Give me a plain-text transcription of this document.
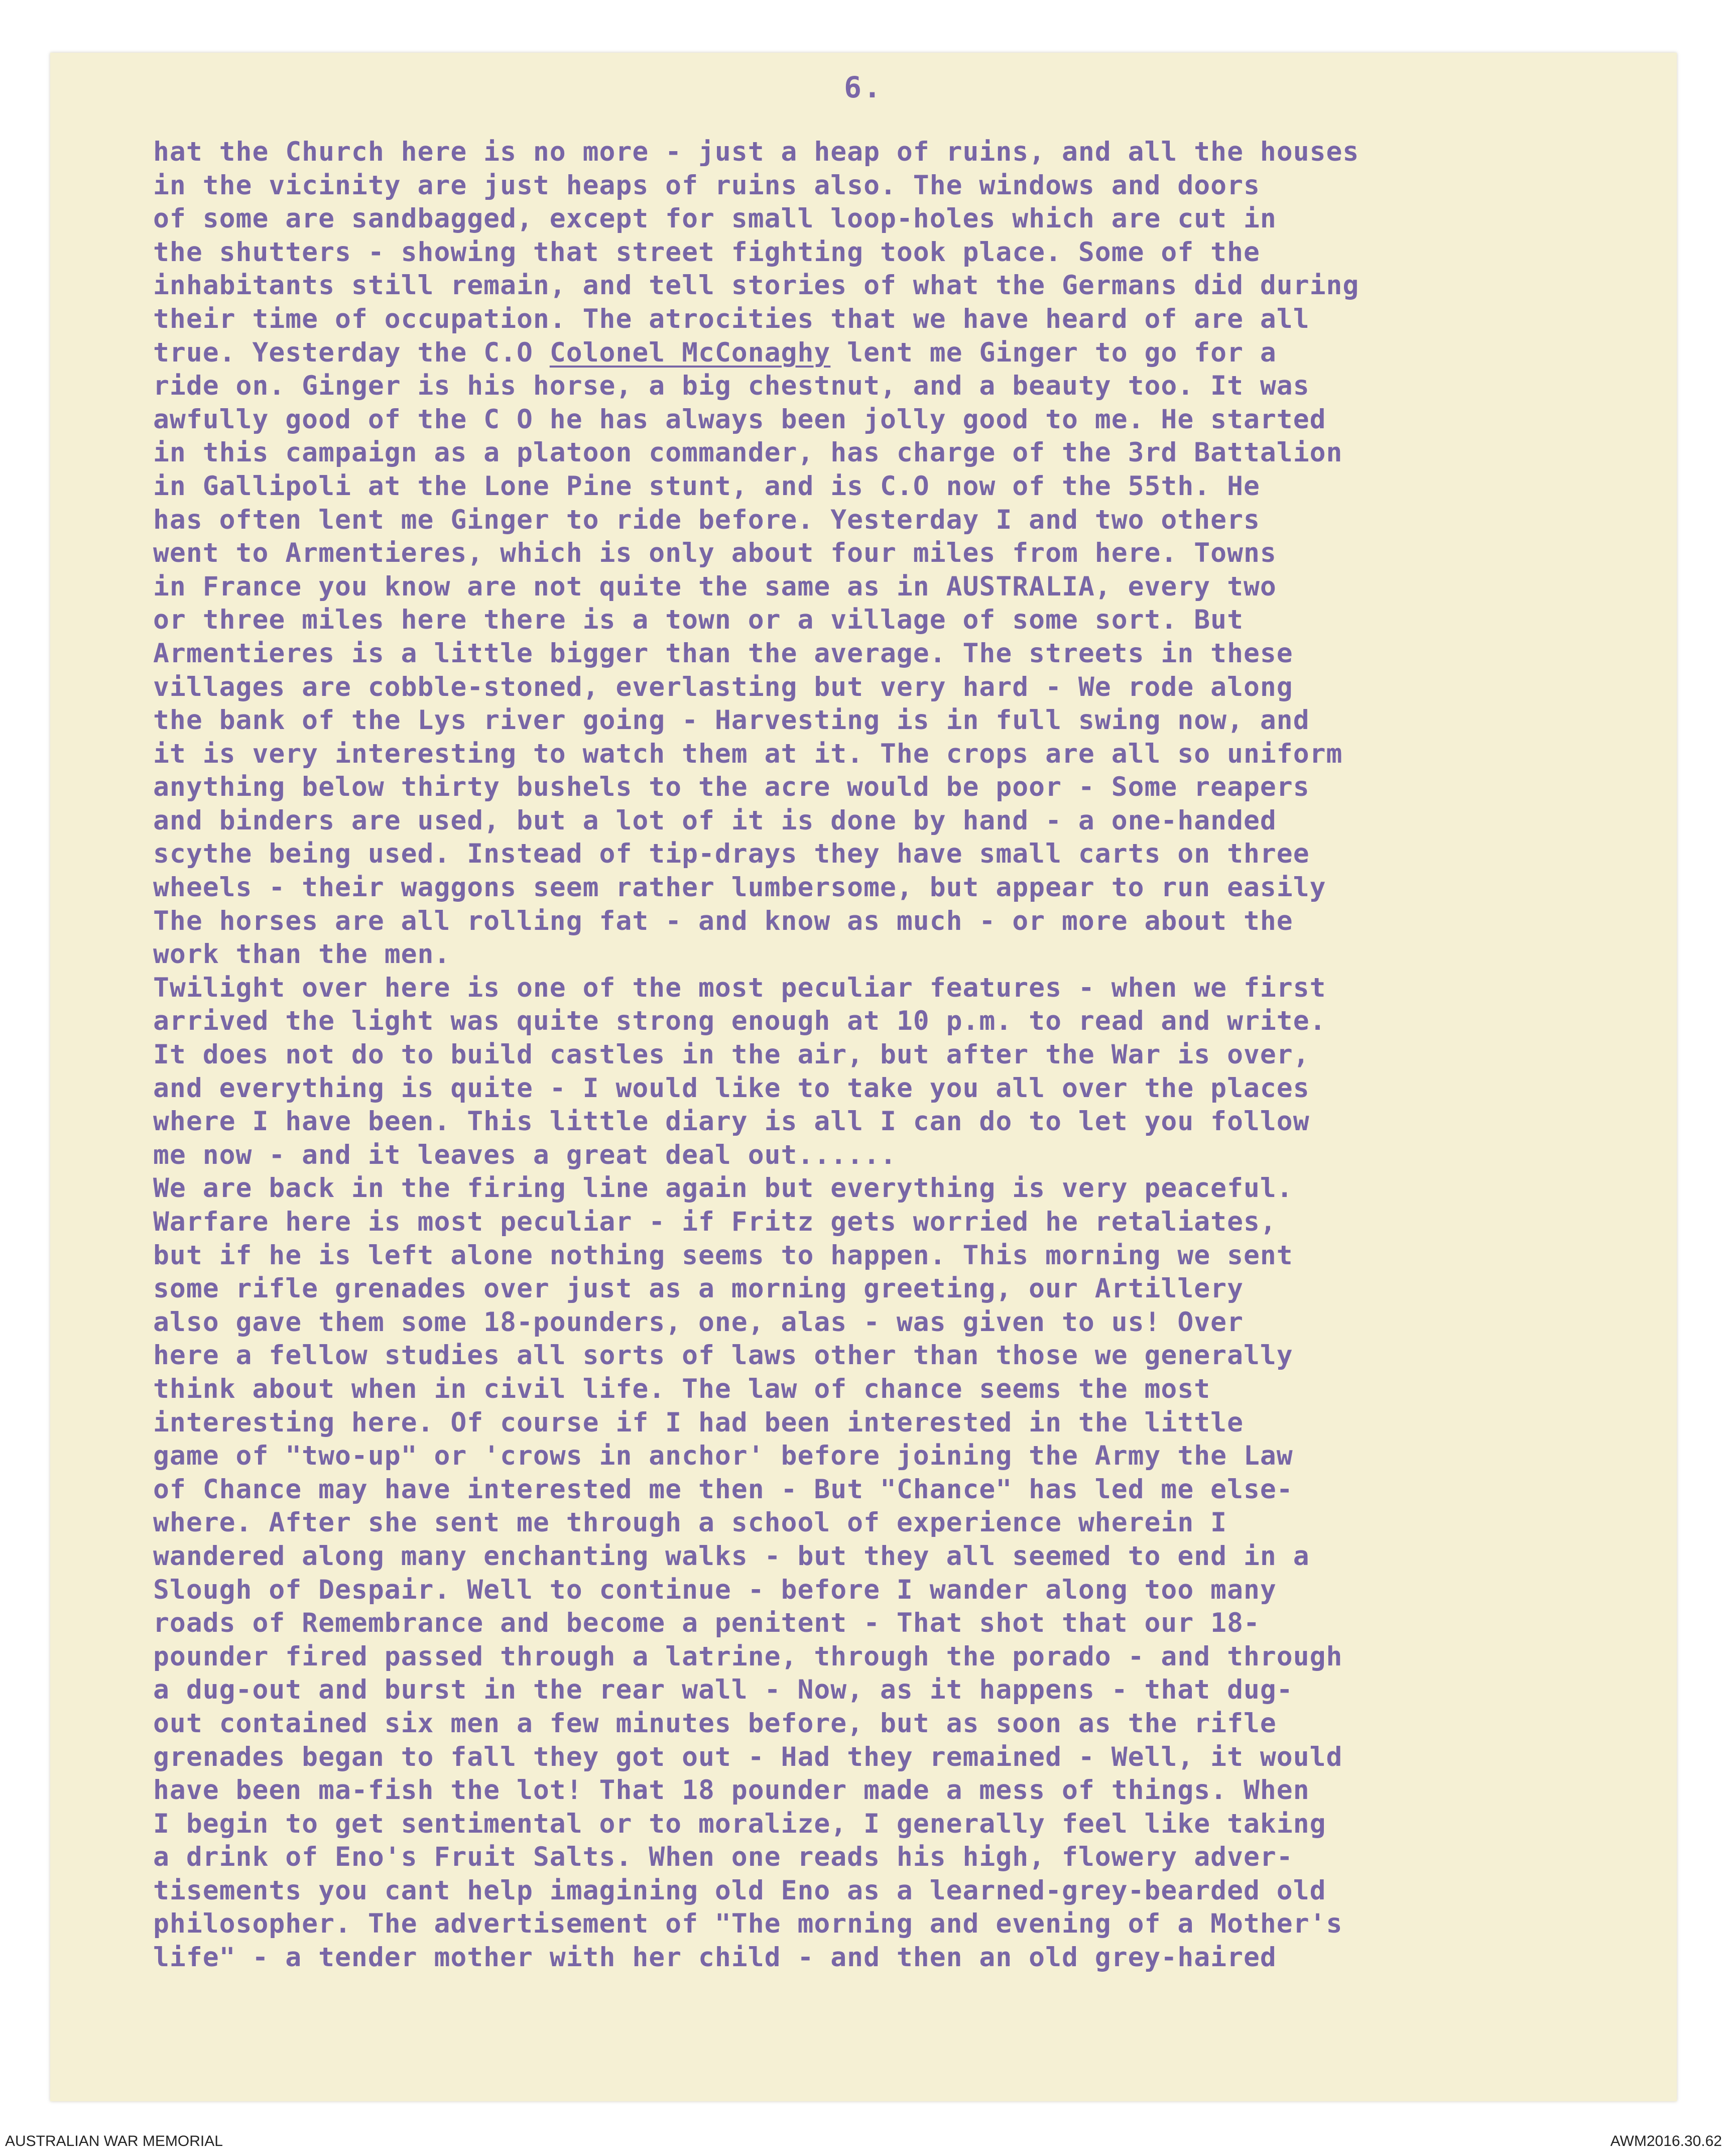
6.
hat the Church here is no more - just a heap of ruins, and all the houses
in the vicinity are just heaps of ruins also. The windows and doors
of some are sandbagged, except for small loop-holes which are cut in
the shutters - showing that street fighting took place. Some of the
inhabitants still remain, and tell stories of what the Germans did during
their time of occupation. The atrocities that we have heard of are all
true. Yesterday the C.O Colonel McConaghy lent me Ginger to go for a
ride on. Ginger is his horse, a big chestnut, and a beauty too. It was
awfully good of the C O he has always been jolly good to me. He started
in this campaign as a platoon commander, has charge of the 3rd Battalion
in Gallipoli at the Lone Pine stunt, and is C.O now of the 55th. He
has often lent me Ginger to ride before. Yesterday I and two others
went to Armentieres, which is only about four miles from here. Towns
in France you know are not quite the same as in AUSTRALIA, every two
or three miles here there is a town or a village of some sort. But
Armentieres is a little bigger than the average. The streets in these
villages are cobble-stoned, everlasting but very hard - We rode along
the bank of the Lys river going - Harvesting is in full swing now, and
it is very interesting to watch them at it. The crops are all so uniform
anything below thirty bushels to the acre would be poor - Some reapers
and binders are used, but a lot of it is done by hand - a one-handed
scythe being used. Instead of tip-drays they have small carts on three
wheels - their waggons seem rather lumbersome, but appear to run easily
The horses are all rolling fat - and know as much - or more about the
work than the men.
Twilight over here is one of the most peculiar features - when we first
arrived the light was quite strong enough at 10 p.m. to read and write.
It does not do to build castles in the air, but after the War is over,
and everything is quite - I would like to take you all over the places
where I have been. This little diary is all I can do to let you follow
me now - and it leaves a great deal out......
We are back in the firing line again but everything is very peaceful.
Warfare here is most peculiar - if Fritz gets worried he retaliates,
but if he is left alone nothing seems to happen. This morning we sent
some rifle grenades over just as a morning greeting, our Artillery
also gave them some 18-pounders, one, alas - was given to us! Over
here a fellow studies all sorts of laws other than those we generally
think about when in civil life. The law of chance seems the most
interesting here. Of course if I had been interested in the little
game of "two-up" or 'crows in anchor' before joining the Army the Law
of Chance may have interested me then - But "Chance" has led me else-
where. After she sent me through a school of experience wherein I
wandered along many enchanting walks - but they all seemed to end in a
Slough of Despair. Well to continue - before I wander along too many
roads of Remembrance and become a penitent - That shot that our 18-
pounder fired passed through a latrine, through the porado - and through
a dug-out and burst in the rear wall - Now, as it happens - that dug-
out contained six men a few minutes before, but as soon as the rifle
grenades began to fall they got out - Had they remained - Well, it would
have been ma-fish the lot! That 18 pounder made a mess of things. When
I begin to get sentimental or to moralize, I generally feel like taking
a drink of Eno's Fruit Salts. When one reads his high, flowery adver-
tisements you cant help imagining old Eno as a learned-grey-bearded old
philosopher. The advertisement of "The morning and evening of a Mother's
life" - a tender mother with her child - and then an old grey-haired
AUSTRALIAN WAR MEMORIAL	AWM2016.30.62
